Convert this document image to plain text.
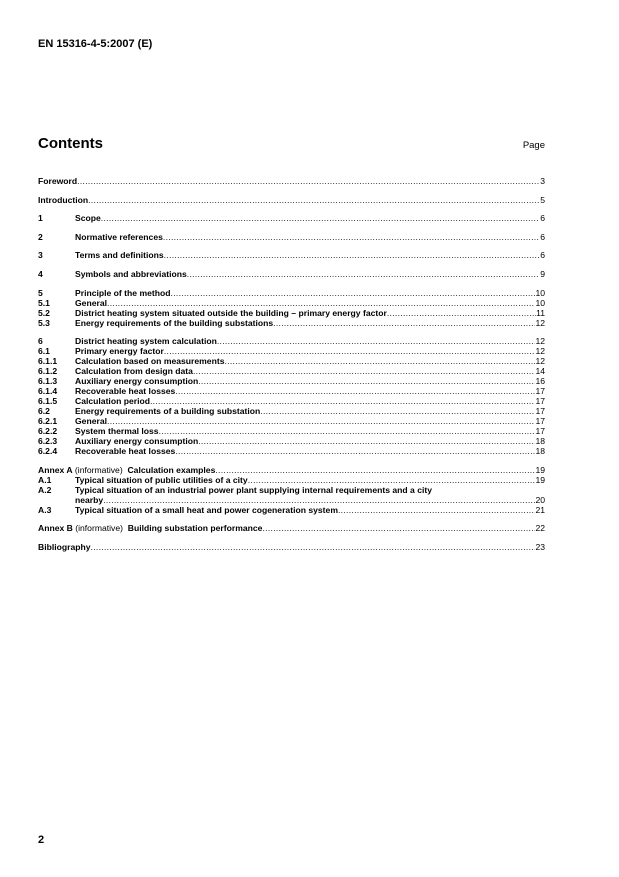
EN 15316-4-5:2007 (E)
Contents	Page
Foreword .....	3
Introduction .....	5
1	Scope .....	6
2	Normative references .....	6
3	Terms and definitions .....	6
4	Symbols and abbreviations .....	9
5	Principle of the method .....	10
5.1	General .....	10
5.2	District heating system situated outside the building – primary energy factor .....	11
5.3	Energy requirements of the building substations .....	12
6	District heating system calculation .....	12
6.1	Primary energy factor .....	12
6.1.1	Calculation based on measurements .....	12
6.1.2	Calculation from design data .....	14
6.1.3	Auxiliary energy consumption .....	16
6.1.4	Recoverable heat losses .....	17
6.1.5	Calculation period .....	17
6.2	Energy requirements of a building substation .....	17
6.2.1	General .....	17
6.2.2	System thermal loss .....	17
6.2.3	Auxiliary energy consumption .....	18
6.2.4	Recoverable heat losses .....	18
Annex A (informative) Calculation examples .....	19
A.1	Typical situation of public utilities of a city .....	19
A.2	Typical situation of an industrial power plant supplying internal requirements and a city
nearby .....	20
A.3	Typical situation of a small heat and power cogeneration system .....	21
Annex B (informative) Building substation performance .....	22
Bibliography .....	23
2
